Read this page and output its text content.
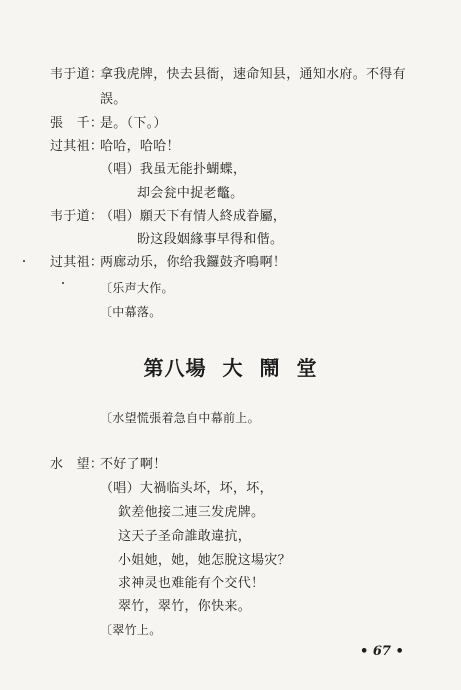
韦于道：
拿我虎牌，快去县衙，速命知县，通知水府。不得有
誤。
張　千：
是。（下。）
过其祖：
哈哈，哈哈！
（唱）我虽无能扑蝴蝶，
却会瓮中捉老鼈。
韦于道：
（唱）願天下有情人終成眷屬，
盼这段姻緣事早得和偕。
过其祖：
两廊动乐，你给我鑼鼓齐鳴啊！
〔乐声大作。
〔中幕落。
第八場 大 鬧 堂
〔水望慌張着急自中幕前上。
水　望：
不好了啊！
（唱）大禍临头坏，坏，坏，
欽差他接二連三发虎牌。
这天子圣命誰敢違抗，
小姐她，她，她怎脫这場灾？
求神灵也难能有个交代！
翠竹，翠竹，你快来。
〔翠竹上。
• 67 •
